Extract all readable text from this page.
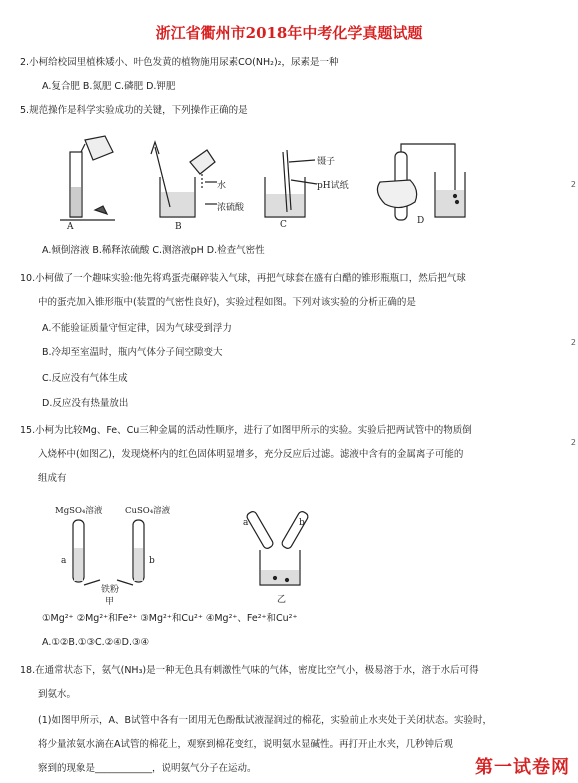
浙江省衢州市2018年中考化学真题试题
2.小柯给校园里植株矮小、叶色发黄的植物施用尿素CO(NH₂)₂，尿素是一种
A.复合肥 B.氮肥 C.磷肥 D.钾肥
5.规范操作是科学实验成功的关键，下列操作正确的是
A	B	C	D
水
浓硫酸
镊子
pH试纸
A.倾倒溶液 B.稀释浓硫酸 C.测溶液pH D.检查气密性
10.小柯做了一个趣味实验:他先将鸡蛋壳碾碎装入气球，再把气球套在盛有白醋的锥形瓶瓶口，然后把气球
中的蛋壳加入锥形瓶中(装置的气密性良好)，实验过程如图。下列对该实验的分析正确的是
A.不能验证质量守恒定律，因为气球受到浮力
B.冷却至室温时，瓶内气体分子间空隙变大
C.反应没有气体生成
D.反应没有热量放出
15.小柯为比较Mg、Fe、Cu三种金属的活动性顺序，进行了如图甲所示的实验。实验后把两试管中的物质倒
入烧杯中(如图乙)，发现烧杯内的红色固体明显增多，充分反应后过滤。滤液中含有的金属离子可能的
组成有
MgSO₄溶液	CuSO₄溶液
a	b
铁粉
甲
a	b
乙
①Mg²⁺ ②Mg²⁺和Fe²⁺ ③Mg²⁺和Cu²⁺ ④Mg²⁺、Fe²⁺和Cu²⁺
A.①②B.①③C.②④D.③④
18.在通常状态下，氨气(NH₃)是一种无色具有刺激性气味的气体，密度比空气小，极易溶于水，溶于水后可得
到氨水。
(1)如图甲所示，A、B试管中各有一团用无色酚酞试液湿润过的棉花，实验前止水夹处于关闭状态。实验时，
将少量浓氨水滴在A试管的棉花上，观察到棉花变红，说明氨水显碱性。再打开止水夹，几秒钟后观
察到的现象是____________，说明氨气分子在运动。
2
2
2
第一试卷网
